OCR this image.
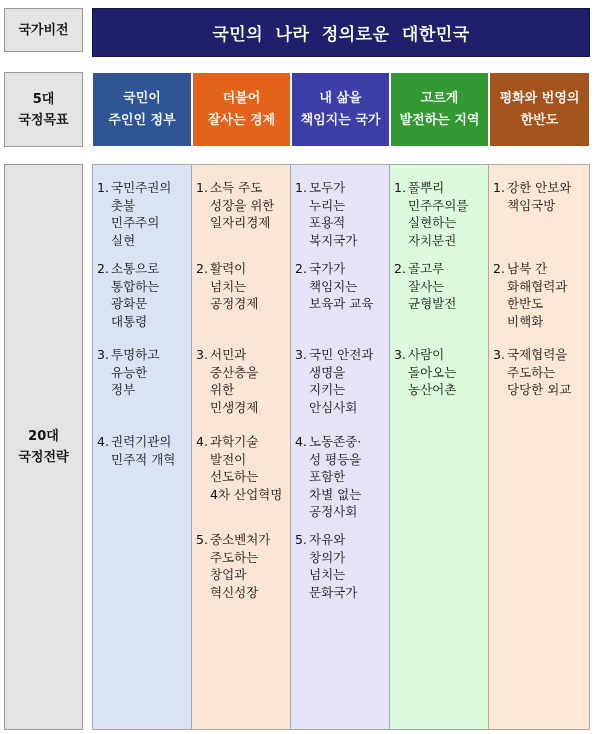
국가비전	국민의 나라 정의로운 대한민국
5대
국정목표
국민이
주인인 정부
더불어
잘사는 경제
내 삶을
책임지는 국가
고르게
발전하는 지역
평화와 번영의
한반도
20대
국정전략
1. 국민주권의
촛불
민주주의
실현
2. 소통으로
통합하는
광화문
대통령
3. 투명하고
유능한
정부
4. 권력기관의
민주적 개혁
1. 소득 주도
성장을 위한
일자리경제
2. 활력이
넘치는
공정경제
3. 서민과
중산층을
위한
민생경제
4. 과학기술
발전이
선도하는
4차 산업혁명
5. 중소벤처가
주도하는
창업과
혁신성장
1. 모두가
누리는
포용적
복지국가
2. 국가가
책임지는
보육과 교육
3. 국민 안전과
생명을
지키는
안심사회
4. 노동존중·
성 평등을
포함한
차별 없는
공정사회
5. 자유와
창의가
넘치는
문화국가
1. 풀뿌리
민주주의를
실현하는
자치분권
2. 골고루
잘사는
균형발전
3. 사람이
돌아오는
농산어촌
1. 강한 안보와
책임국방
2. 남북 간
화해협력과
한반도
비핵화
3. 국제협력을
주도하는
당당한 외교
